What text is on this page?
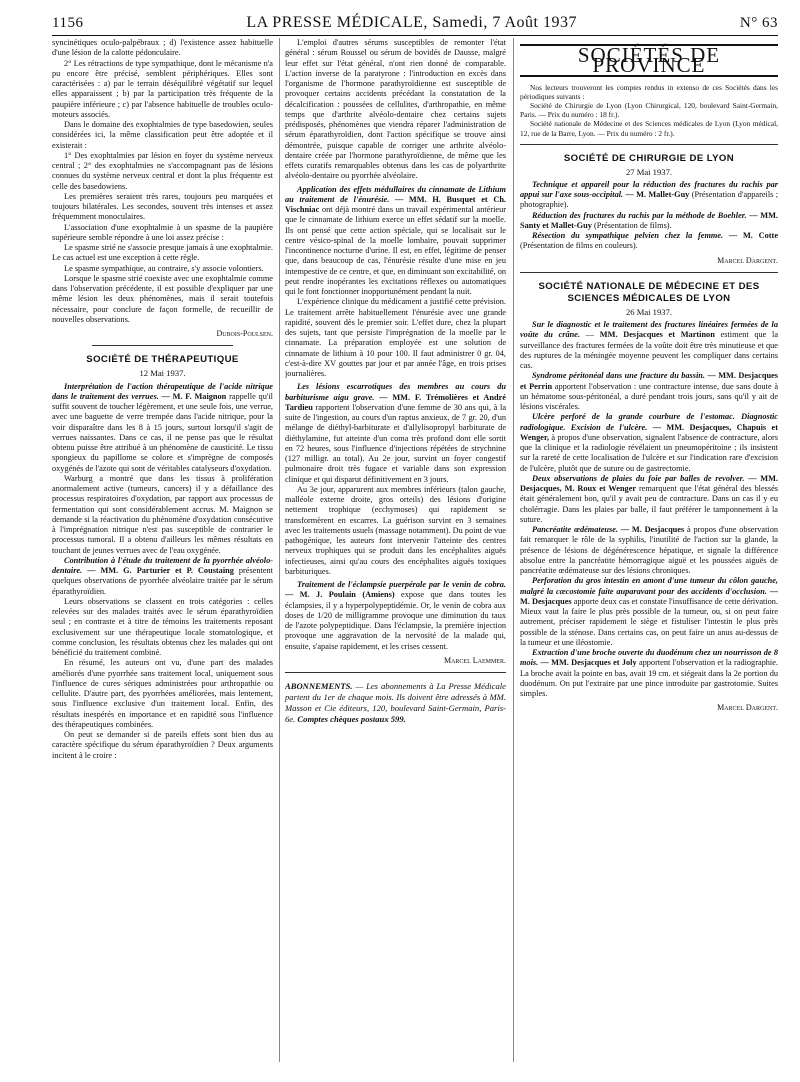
1156	LA PRESSE MÉDICALE, Samedi, 7 Août 1937	N° 63

syncinétiques oculo-palpébraux ; d) l'existence assez habituelle d'une lésion de la calotte pédonculaire.

2° Les rétractions de type sympathique, dont le mécanisme n'a pu encore être précisé, semblent périphériques. Elles sont caractérisées : a) par le terrain déséquilibré végétatif sur lequel elles apparaissent ; b) par la participation très fréquente de la paupière inférieure ; c) par l'absence habituelle de troubles oculo-moteurs associés.

Dans le domaine des exophtalmies de type basedowien, seules considérées ici, la même classification peut être adoptée et il existerait :

1° Des exophtalmies par lésion en foyer du système nerveux central ; 2° des exophtalmies ne s'accompagnant pas de lésions connues du système nerveux central et dont la plus fréquente est celle des basedowiens.

Les premières seraient très rares, toujours peu marquées et toujours bilatérales. Les secondes, souvent très intenses et assez fréquemment monoculaires.

L'association d'une exophtalmie à un spasme de la paupière supérieure semble répondre à une loi assez précise :

Le spasme strié ne s'associe presque jamais à une exophtalmie. Le cas actuel est une exception à cette règle.

Le spasme sympathique, au contraire, s'y associe volontiers.

Lorsque le spasme strié coexiste avec une exophtalmie comme dans l'observation précédente, il est possible d'expliquer par une même lésion les deux phénomènes, mais il serait toutefois nécessaire, pour conclure de façon formelle, de recueillir de nouvelles observations.

Dubois-Poulsen.
SOCIÉTÉ DE THÉRAPEUTIQUE
12 Mai 1937.

Interprétation de l'action thérapeutique de l'acide nitrique dans le traitement des verrues. — M. F. Maignon rappelle qu'il suffit souvent de toucher légèrement, et une seule fois, une verrue, avec une baguette de verre trempée dans l'acide nitrique, pour la voir disparaître dans les 8 à 15 jours, surtout lorsqu'il s'agit de verrues naissantes. Dans ce cas, il ne pense pas que le résultat obtenu puisse être attribué à un phénomène de causticité. Le tissu spongieux du papillome se colore et s'imprègne de composés oxygénés de l'azote qui sont de véritables catalyseurs d'oxydation.

Warburg a montré que dans les tissus à prolifération anormalement active (tumeurs, cancers) il y a défaillance des processus respiratoires d'oxydation, par rapport aux processus de fermentation qui sont considérablement accrus. M. Maignon se demande si la réactivation du phénomène d'oxydation consécutive à l'imprégnation nitrique n'est pas susceptible de contrarier le processus tumoral. Il a obtenu d'ailleurs les mêmes résultats en touchant de jeunes verrues avec de l'eau oxygénée.

Contribution à l'étude du traitement de la pyorrhée alvéolo-dentaire. — MM. G. Parturier et P. Coustaing présentent quelques observations de pyorrhée alvéolaire traitée par le sérum éparathyroïdien.

Leurs observations se classent en trois catégories : celles relevées sur des malades traités avec le sérum éparathyroïdien seul ; en contraste et à titre de témoins les traitements reposant exclusivement sur une thérapeutique locale stomatologique, et comme conclusion, les résultats obtenus chez les malades qui ont bénéficié du traitement combiné.

En résumé, les auteurs ont vu, d'une part des malades améliorés d'une pyorrhée sans traitement local, uniquement sous l'influence de cures sériques administrées pour arthropathie ou cellulite. D'autre part, des pyorrhées améliorées, mais lentement, sous l'influence exclusive d'un traitement local. Enfin, des résultats inespérés en importance et en rapidité sous l'influence des thérapeutiques combinées.

On peut se demander si de pareils effets sont bien dus au caractère spécifique du sérum éparathyroïdien ? Deux arguments incitent à le croire :

L'emploi d'autres sérums susceptibles de remonter l'état général : sérum Roussel ou sérum de bovidés de Dausse, malgré leur effet sur l'état général, n'ont rien donné de comparable. L'action inverse de la paratyrone : l'introduction en excès dans l'organisme de l'hormone parathyroïdienne est susceptible de provoquer certains accidents précédant la constatation de la décalcification : poussées de cellulites, d'arthropathie, en même temps que d'arthrite alvéolo-dentaire chez certains sujets prédisposés, phénomènes que viendra réparer l'administration de sérum éparathyroïdien, dont l'action spécifique se trouve ainsi démontrée, puisque capable de corriger une arthrite alvéolo-dentaire créée par l'hormone parathyroïdienne, de même que les effets curatifs remarquables obtenus dans les cas de polyarthrite alvéolo-dentaire ou pyorrhée alvéolaire.

Application des effets médullaires du cinnamate de Lithium au traitement de l'énurésie. — MM. H. Busquet et Ch. Vischniac ont déjà montré dans un travail expérimental antérieur que le cinnamate de lithium exerce un effet sédatif sur la moelle. Ils ont pensé que cette action spéciale, qui se localisait sur le centre vésico-spinal de la moelle lombaire, pouvait supprimer l'incontinence nocturne d'urine. Il est, en effet, légitime de penser que, dans beaucoup de cas, l'énurésie résulte d'une mise en jeu intempestive de ce centre, et que, en diminuant son excitabilité, on peut rendre inopérantes les excitations réflexes ou automatiques qui le font fonctionner inopportunément pendant la nuit.

L'expérience clinique du médicament a justifié cette prévision. Le traitement arrête habituellement l'énurésie avec une grande rapidité, souvent dès le premier soir. L'effet dure, chez la plupart des sujets, tant que persiste l'imprégnation de la moelle par le cinnamate. La préparation employée est une solution de cinnamate de lithium à 10 pour 100. Il faut administrer 0 gr. 04, c'est-à-dire XV gouttes par jour et par année l'âge, en trois prises journalières.

Les lésions escarrotiques des membres au cours du barbiturisme aigu grave. — MM. F. Trémolières et André Tardieu rapportent l'observation d'une femme de 30 ans qui, à la suite de l'ingestion, au cours d'un raptus anxieux, de 7 gr. 20, d'un mélange de diéthyl-barbiturate et d'allylisopropyl barbiturate de diéthylamine, fut atteinte d'un coma très profond dont elle sortit en 72 heures, sous l'influence d'injections répétées de strychnine (127 milligr. au total). Au 2e jour, survint un foyer congestif pulmonaire droit très fugace et variable dans son expression clinique et qui disparut définitivement en 3 jours.

Au 3e jour, apparurent aux membres inférieurs (talon gauche, malléole externe droite, gros orteils) des lésions d'origine nettement trophique (ecchymoses) qui rapidement se transformèrent en escarres. La guérison survint en 3 semaines avec les traitements usuels (massage notamment). Du point de vue pathogénique, les auteurs font intervenir l'atteinte des centres nerveux trophiques qui se produit dans les encéphalites aiguës infectieuses, ainsi qu'au cours des encéphalites aiguës toxiques barbituriques.

Traitement de l'éclampsie puerpérale par le venin de cobra. — M. J. Poulain (Amiens) expose que dans toutes les éclampsies, il y a hyperpolypeptidémie. Or, le venin de cobra aux doses de 1/20 de milligramme provoque une diminution du taux de l'azote polypeptidique. Dans l'éclampsie, la première injection provoque une aggravation de la nervosité de la malade qui, ensuite, s'apaise rapidement, et les crises cessent.

Marcel Laemmer.
ABONNEMENTS. — Les abonnements à La Presse Médicale partent du 1er de chaque mois. Ils doivent être adressés à MM. Masson et Cie éditeurs, 120, boulevard Saint-Germain, Paris-6e. Comptes chèques postaux 599.
SOCIÉTÉS DE PROVINCE

Nos lecteurs trouveront les comptes rendus in extenso de ces Sociétés dans les périodiques suivants :

Société de Chirurgie de Lyon (Lyon Chirurgical, 120, boulevard Saint-Germain, Paris. — Prix du numéro : 18 fr.).

Société nationale de Médecine et des Sciences médicales de Lyon (Lyon médical, 12, rue de la Barre, Lyon. — Prix du numéro : 2 fr.).

SOCIÉTÉ DE CHIRURGIE DE LYON
27 Mai 1937.

Technique et appareil pour la réduction des fractures du rachis par appui sur l'axe sous-occipital. — M. Mallet-Guy (Présentation d'appareils ; photographie).

Réduction des fractures du rachis par la méthode de Boehler. — MM. Santy et Mallet-Guy (Présentation de films).

Résection du sympathique pelvien chez la femme. — M. Cotte (Présentation de films en couleurs).

Marcel Dargent.
SOCIÉTÉ NATIONALE DE MÉDECINE ET DES SCIENCES MÉDICALES DE LYON
26 Mai 1937.

Sur le diagnostic et le traitement des fractures linéaires fermées de la voûte du crâne. — MM. Desjacques et Martinon estiment que la surveillance des fractures fermées de la voûte doit être très minutieuse et que des ruptures de la méningée moyenne peuvent les compliquer dans certains cas.

Syndrome péritonéal dans une fracture du bassin. — MM. Desjacques et Perrin apportent l'observation : une contracture intense, due sans doute à un hématome sous-péritonéal, a duré pendant trois jours, sans qu'il y ait de lésions viscérales.

Ulcère perforé de la grande courbure de l'estomac. Diagnostic radiologique. Excision de l'ulcère. — MM. Desjacques, Chapuis et Wenger, à propos d'une observation, signalent l'absence de contracture, alors que la clinique et la radiologie révélaient un pneumopéritoine ; ils insistent sur la rareté de cette localisation de l'ulcère et sur l'indication rare d'excision de l'ulcère, plutôt que de suture ou de gastrectomie.

Deux observations de plaies du foie par balles de revolver. — MM. Desjacques, M. Roux et Wenger remarquent que l'état général des blessés était généralement bon, qu'il y avait peu de contracture. Dans un cas il y eu cholérragie. Dans les plaies par balle, il faut préférer le tamponnement à la suture.

Pancréatite œdémateuse. — M. Desjacques à propos d'une observation fait remarquer le rôle de la syphilis, l'inutilité de l'action sur la glande, la présence de lésions de dégénérescence hépatique, et signale la différence absolue entre la pancréatite hémorragique aiguë et les poussées aiguës de pancréatite œdémateuse sur des lésions chroniques.

Perforation du gros intestin en amont d'une tumeur du côlon gauche, malgré la cæcostomie faite auparavant pour des accidents d'occlusion. — M. Desjacques apporte deux cas et constate l'insuffisance de cette dérivation. Mieux vaut la faire le plus près possible de la tumeur, ou, si on peut faire autrement, préciser rapidement le siège et fistuliser l'intestin le plus près possible de la sténose. Dans certains cas, on peut faire un anus au-dessus de la tumeur et une iléostomie.

Extraction d'une broche ouverte du duodénum chez un nourrisson de 8 mois. — MM. Desjacques et Joly apportent l'observation et la radiographie. La broche avait la pointe en bas, avait 19 cm. et siégeait dans la 2e portion du duodénum. On put l'extraire par une pince introduite par gastrotomie. Suites simples.

Marcel Dargent.
